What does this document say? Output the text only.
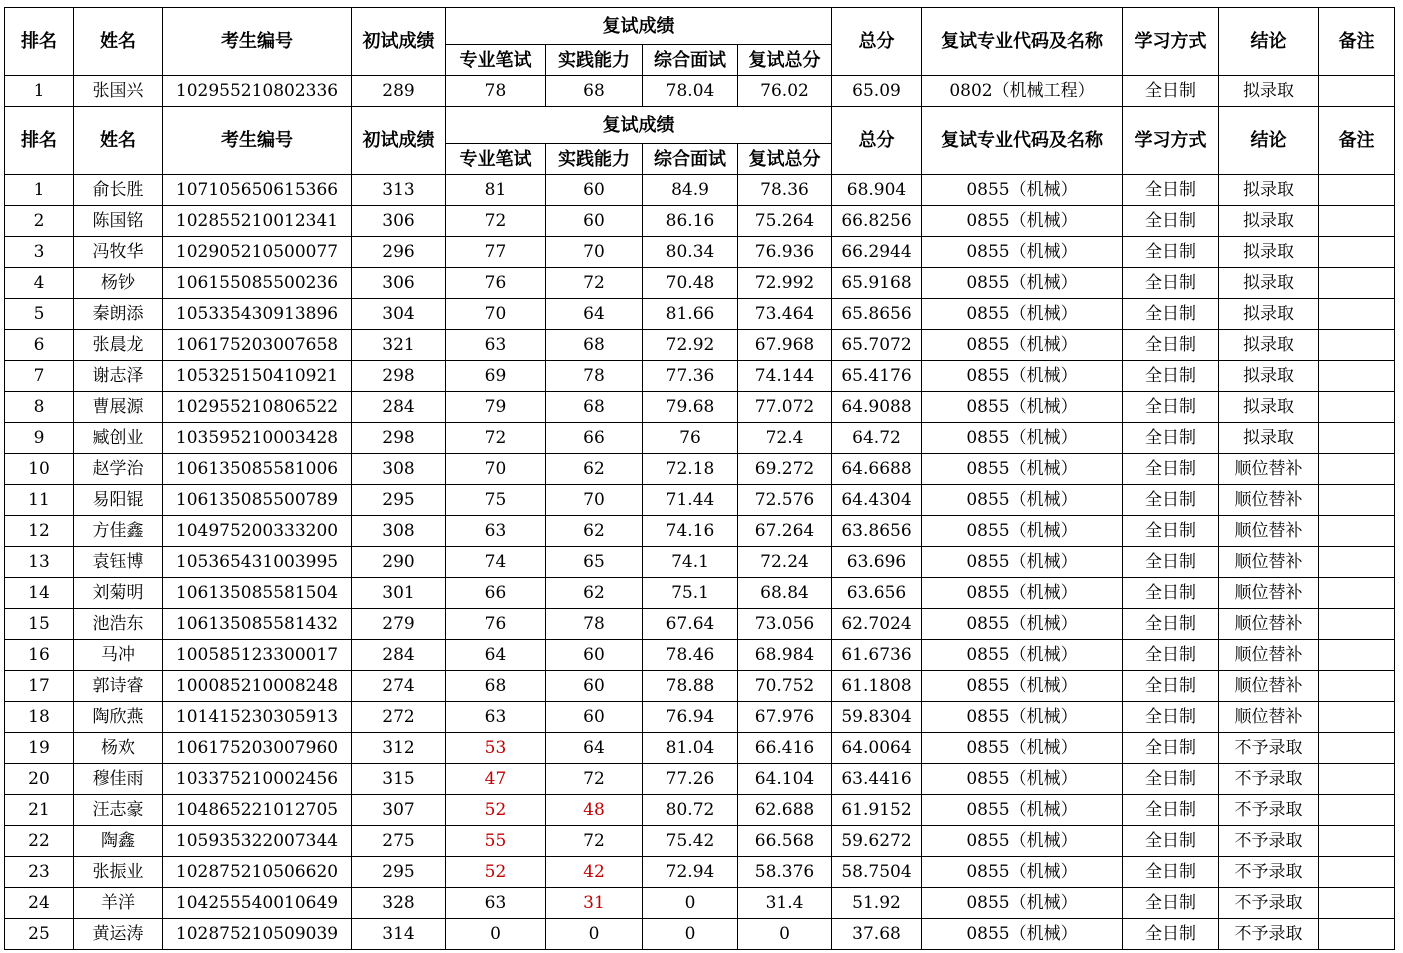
排名	姓名	考生编号	初试成绩	复试成绩				总分	复试专业代码及名称	学习方式	结论	备注
				专业笔试	实践能力	综合面试	复试总分					
1	张国兴	102955210802336	289	78	68	78.04	76.02	65.09	0802（机械工程）	全日制	拟录取	
排名	姓名	考生编号	初试成绩	复试成绩				总分	复试专业代码及名称	学习方式	结论	备注
				专业笔试	实践能力	综合面试	复试总分					
1	俞长胜	107105650615366	313	81	60	84.9	78.36	68.904	0855（机械）	全日制	拟录取	
2	陈国铭	102855210012341	306	72	60	86.16	75.264	66.8256	0855（机械）	全日制	拟录取	
3	冯牧华	102905210500077	296	77	70	80.34	76.936	66.2944	0855（机械）	全日制	拟录取	
4	杨钞	106155085500236	306	76	72	70.48	72.992	65.9168	0855（机械）	全日制	拟录取	
5	秦朗添	105335430913896	304	70	64	81.66	73.464	65.8656	0855（机械）	全日制	拟录取	
6	张晨龙	106175203007658	321	63	68	72.92	67.968	65.7072	0855（机械）	全日制	拟录取	
7	谢志泽	105325150410921	298	69	78	77.36	74.144	65.4176	0855（机械）	全日制	拟录取	
8	曹展源	102955210806522	284	79	68	79.68	77.072	64.9088	0855（机械）	全日制	拟录取	
9	臧创业	103595210003428	298	72	66	76	72.4	64.72	0855（机械）	全日制	拟录取	
10	赵学治	106135085581006	308	70	62	72.18	69.272	64.6688	0855（机械）	全日制	顺位替补	
11	易阳锟	106135085500789	295	75	70	71.44	72.576	64.4304	0855（机械）	全日制	顺位替补	
12	方佳鑫	104975200333200	308	63	62	74.16	67.264	63.8656	0855（机械）	全日制	顺位替补	
13	袁钰博	105365431003995	290	74	65	74.1	72.24	63.696	0855（机械）	全日制	顺位替补	
14	刘菊明	106135085581504	301	66	62	75.1	68.84	63.656	0855（机械）	全日制	顺位替补	
15	池浩东	106135085581432	279	76	78	67.64	73.056	62.7024	0855（机械）	全日制	顺位替补	
16	马冲	100585123300017	284	64	60	78.46	68.984	61.6736	0855（机械）	全日制	顺位替补	
17	郭诗睿	100085210008248	274	68	60	78.88	70.752	61.1808	0855（机械）	全日制	顺位替补	
18	陶欣燕	101415230305913	272	63	60	76.94	67.976	59.8304	0855（机械）	全日制	顺位替补	
19	杨欢	106175203007960	312	53	64	81.04	66.416	64.0064	0855（机械）	全日制	不予录取	
20	穆佳雨	103375210002456	315	47	72	77.26	64.104	63.4416	0855（机械）	全日制	不予录取	
21	汪志豪	104865221012705	307	52	48	80.72	62.688	61.9152	0855（机械）	全日制	不予录取	
22	陶鑫	105935322007344	275	55	72	75.42	66.568	59.6272	0855（机械）	全日制	不予录取	
23	张振业	102875210506620	295	52	42	72.94	58.376	58.7504	0855（机械）	全日制	不予录取	
24	羊洋	104255540010649	328	63	31	0	31.4	51.92	0855（机械）	全日制	不予录取	
25	黄运涛	102875210509039	314	0	0	0	0	37.68	0855（机械）	全日制	不予录取	
